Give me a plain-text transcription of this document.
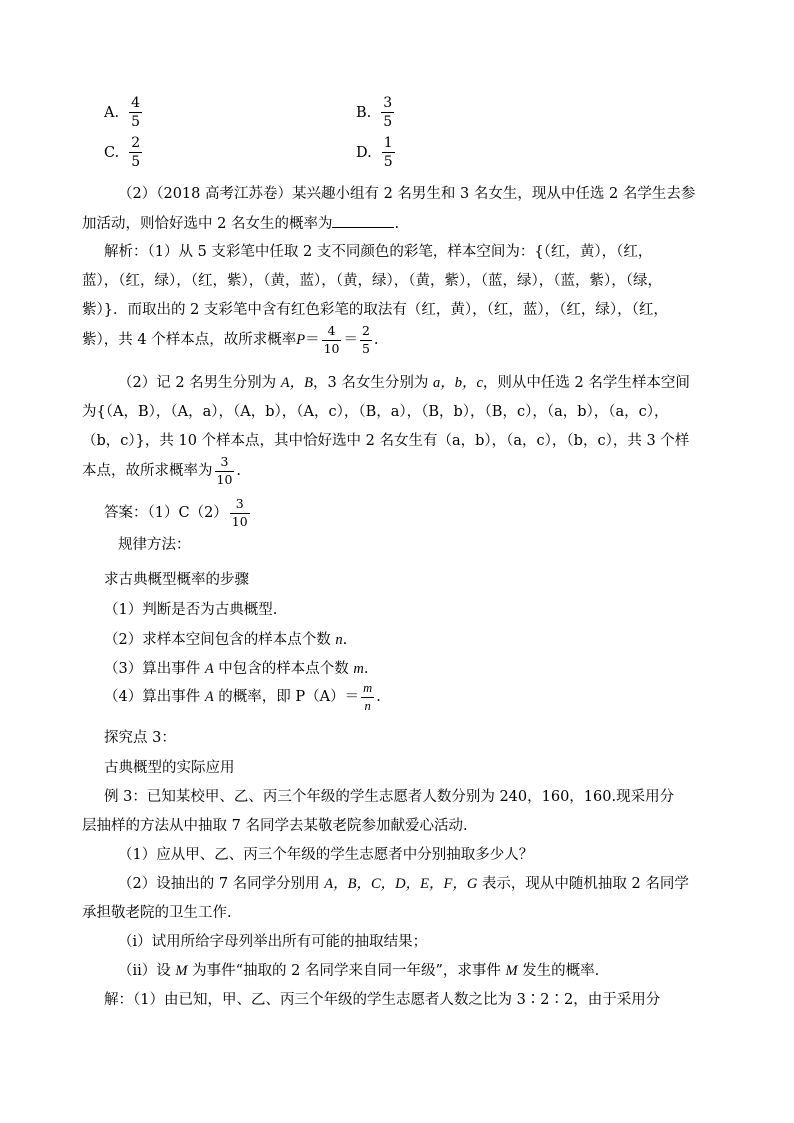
A. $\frac{4}{5}$	B. $\frac{3}{5}$
C. $\frac{2}{5}$	D. $\frac{1}{5}$
（2）（2018 高考江苏卷）某兴趣小组有 2 名男生和 3 名女生，现从中任选 2 名学生去参
加活动，则恰好选中 2 名女生的概率为	.
解析：（1）从 5 支彩笔中任取 2 支不同颜色的彩笔，样本空间为：{（红，黄），（红，
蓝），（红，绿），（红，紫），（黄，蓝），（黄，绿），（黄，紫），（蓝，绿），（蓝，紫），（绿，
紫）}．而取出的 2 支彩笔中含有红色彩笔的取法有（红，黄），（红，蓝），（红，绿），（红，
紫），共 4 个样本点，故所求概率$P= \frac{4}{10} = \frac{2}{5}$ .
（2）记 2 名男生分别为 A，B，3 名女生分别为 a，b，c，则从中任选 2 名学生样本空间
为{（A，B），（A，a），（A，b），（A，c），（B，a），（B，b），（B，c），（a，b），（a，c），
（b，c）}，共 10 个样本点，其中恰好选中 2 名女生有（a，b），（a，c），（b，c），共 3 个样
本点，故所求概率为 $\frac{3}{10}$ .
答案：$(1)C(2) \frac{3}{10}$
规律方法：
求古典概型概率的步骤
（1）判断是否为古典概型.
（2）求样本空间包含的样本点个数 n.
（3）算出事件 A 中包含的样本点个数 m.
（4）算出事件 A 的概率，即 $P(A)= \frac{m}{n}$ .
探究点 3：
古典概型的实际应用
例 3：已知某校甲、乙、丙三个年级的学生志愿者人数分别为 240，160，160.现采用分
层抽样的方法从中抽取 7 名同学去某敬老院参加献爱心活动.
（1）应从甲、乙、丙三个年级的学生志愿者中分别抽取多少人？
（2）设抽出的 7 名同学分别用 A，B，C，D，E，F，G 表示，现从中随机抽取 2 名同学
承担敬老院的卫生工作.
（ⅰ）试用所给字母列举出所有可能的抽取结果；
（ⅱ）设 M 为事件“抽取的 2 名同学来自同一年级”，求事件 M 发生的概率.
解：（1）由已知，甲、乙、丙三个年级的学生志愿者人数之比为 3∶2∶2，由于采用分
